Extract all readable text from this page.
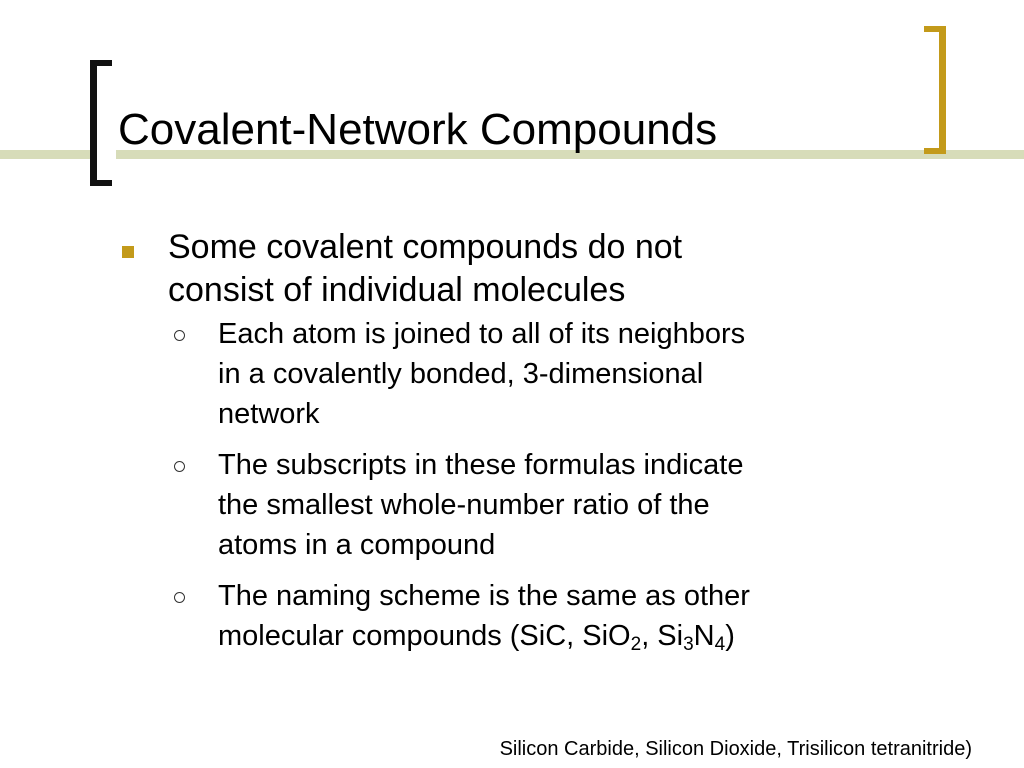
Covalent-Network Compounds
Some covalent compounds do not
consist of individual molecules
Each atom is joined to all of its neighbors
in a covalently bonded, 3-dimensional
network
The subscripts in these formulas indicate
the smallest whole-number ratio of the
atoms in a compound
The naming scheme is the same as other
molecular compounds (SiC, SiO$_2$, $Si_3N_4$)
Silicon Carbide, Silicon Dioxide, Trisilicon tetranitride)
